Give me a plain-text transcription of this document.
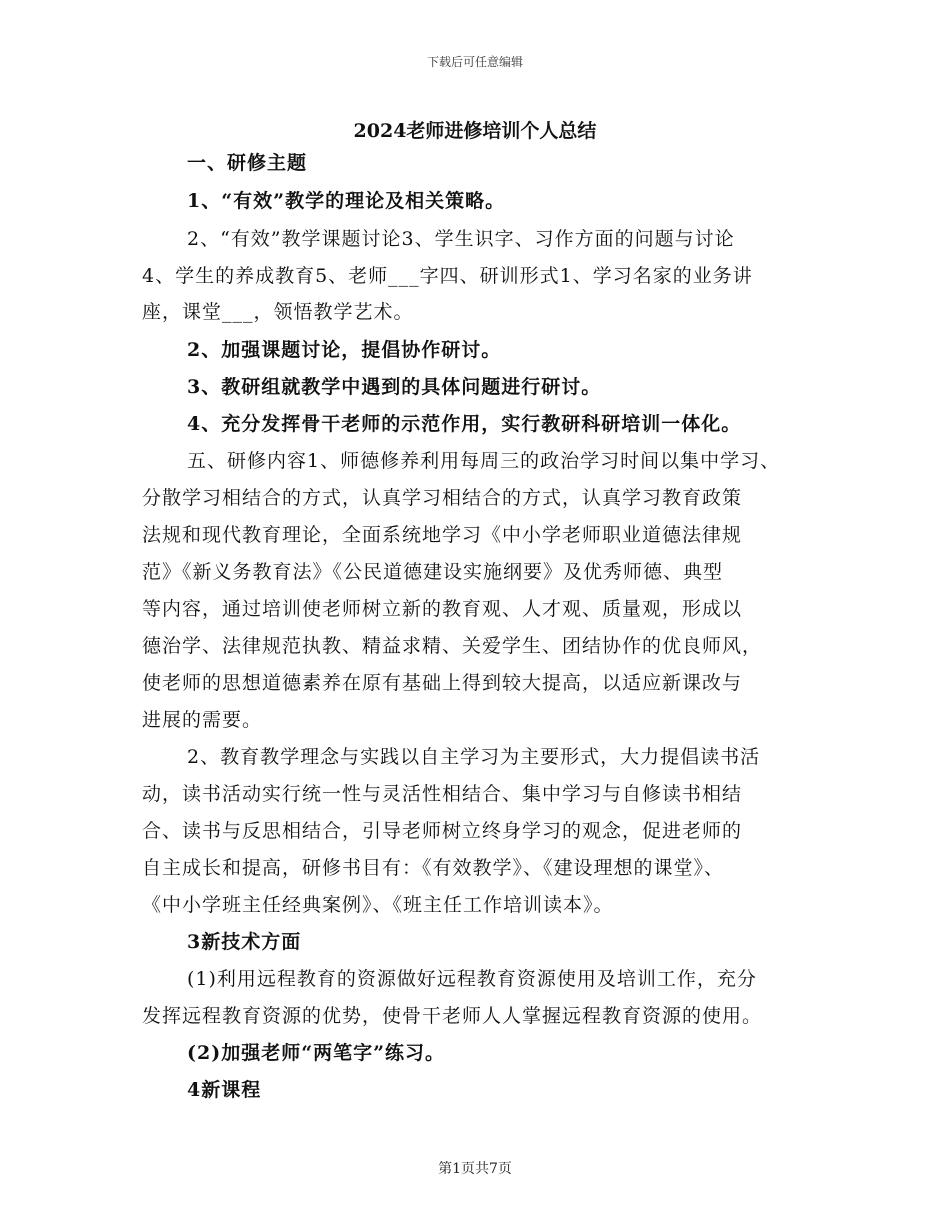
下载后可任意编辑
2024老师进修培训个人总结
一、研修主题
1、“有效”教学的理论及相关策略。
2、“有效”教学课题讨论3、学生识字、习作方面的问题与讨论
4、学生的养成教育5、老师___字四、研训形式1、学习名家的业务讲
座，课堂___，领悟教学艺术。
2、加强课题讨论，提倡协作研讨。
3、教研组就教学中遇到的具体问题进行研讨。
4、充分发挥骨干老师的示范作用，实行教研科研培训一体化。
五、研修内容1、师德修养利用每周三的政治学习时间以集中学习、
分散学习相结合的方式，认真学习相结合的方式，认真学习教育政策
法规和现代教育理论，全面系统地学习《中小学老师职业道德法律规
范》《新义务教育法》《公民道德建设实施纲要》及优秀师德、典型
等内容，通过培训使老师树立新的教育观、人才观、质量观，形成以
德治学、法律规范执教、精益求精、关爱学生、团结协作的优良师风，
使老师的思想道德素养在原有基础上得到较大提高，以适应新课改与
进展的需要。
2、教育教学理念与实践以自主学习为主要形式，大力提倡读书活
动，读书活动实行统一性与灵活性相结合、集中学习与自修读书相结
合、读书与反思相结合，引导老师树立终身学习的观念，促进老师的
自主成长和提高，研修书目有：《有效教学》、《建设理想的课堂》、
《中小学班主任经典案例》、《班主任工作培训读本》。
3新技术方面
(1)利用远程教育的资源做好远程教育资源使用及培训工作，充分
发挥远程教育资源的优势，使骨干老师人人掌握远程教育资源的使用。
(2)加强老师“两笔字”练习。
4新课程
第1页共7页
